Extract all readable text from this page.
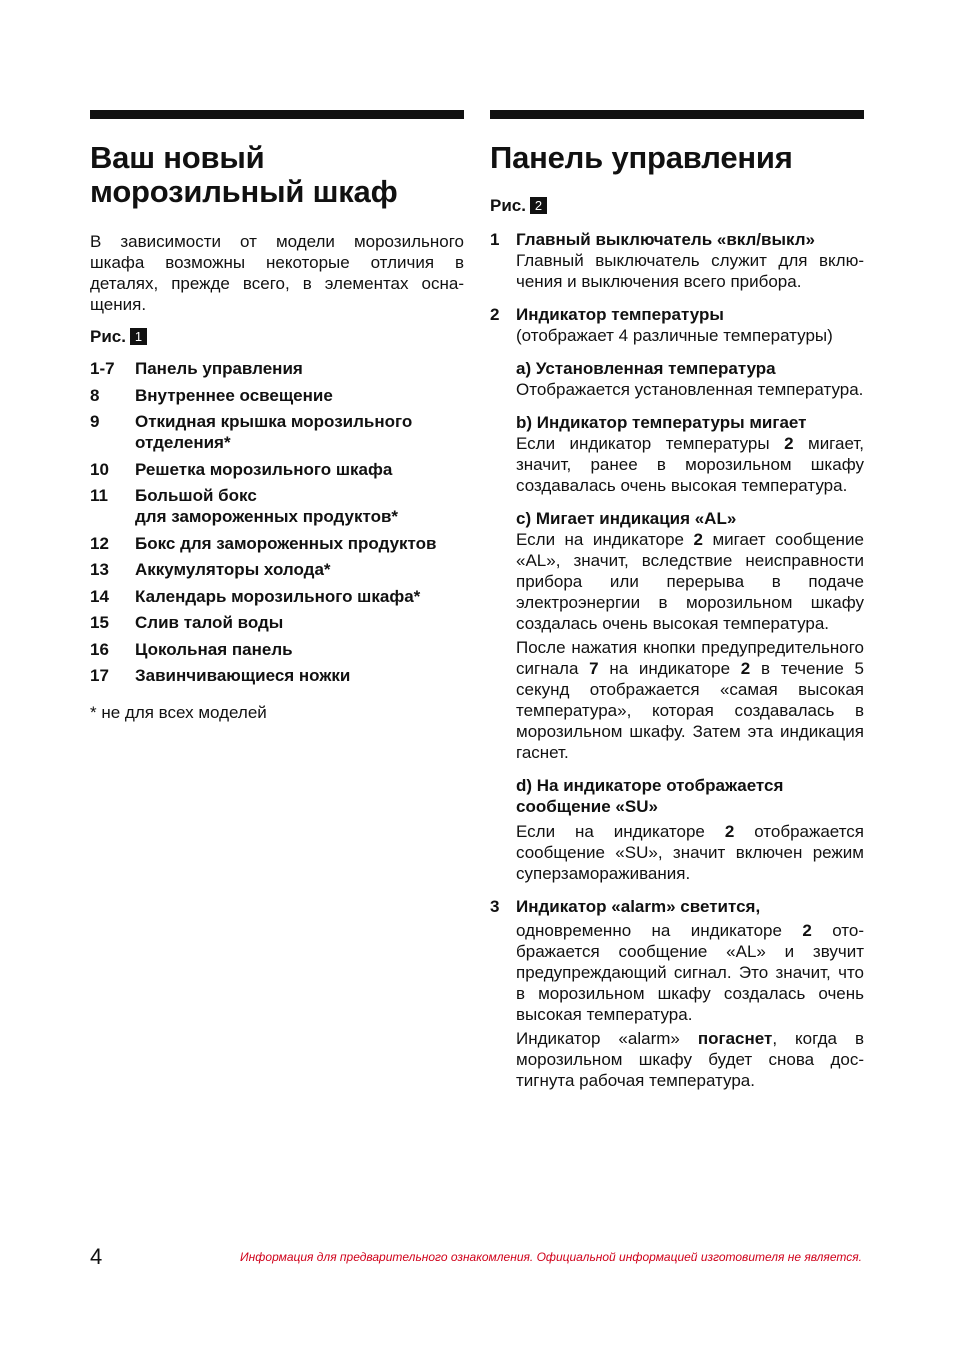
Ваш новый
морозильный шкаф

В зависимости от модели морозильного шкафа возможны некоторые отличия в деталях, прежде всего, в элементах оснащения.

Рис. 1
1-7	Панель управления
8	Внутреннее освещение
9	Откидная крышка морозильного отделения*
10	Решетка морозильного шкафа
11	Большой бокс
для замороженных продуктов*
12	Бокс для замороженных продуктов
13	Аккумуляторы холода*
14	Календарь морозильного шкафа*
15	Слив талой воды
16	Цокольная панель
17	Завинчивающиеся ножки

* не для всех моделей

Панель управления
Рис. 2
1 Главный выключатель «вкл/выкл»
Главный выключатель служит для включения и выключения всего прибора.
2 Индикатор температуры
(отображает 4 различные температуры)
a) Установленная температура
Отображается установленная температура.
b) Индикатор температуры мигает
Если индикатор температуры 2 мигает, значит, ранее в морозильном шкафу создавалась очень высокая температура.
c) Мигает индикация «AL»
Если на индикаторе 2 мигает сообщение «AL», значит, вследствие неисправности прибора или перерыва в подаче электроэнергии в морозильном шкафу создалась очень высокая температура.
После нажатия кнопки предупредительного сигнала 7 на индикаторе 2 в течение 5 секунд отображается «самая высокая температура», которая создавалась в морозильном шкафу. Затем эта индикация гаснет.
d) На индикаторе отображается сообщение «SU»
Если на индикаторе 2 отображается сообщение «SU», значит включен режим суперзамораживания.
3 Индикатор «alarm» светится,
одновременно на индикаторе 2 отображается сообщение «AL» и звучит предупреждающий сигнал. Это значит, что в морозильном шкафу создалась очень высокая температура.
Индикатор «alarm» погаснет, когда в морозильном шкафу будет снова достигнута рабочая температура.
4	Информация для предварительного ознакомления. Официальной информацией изготовителя не является.
